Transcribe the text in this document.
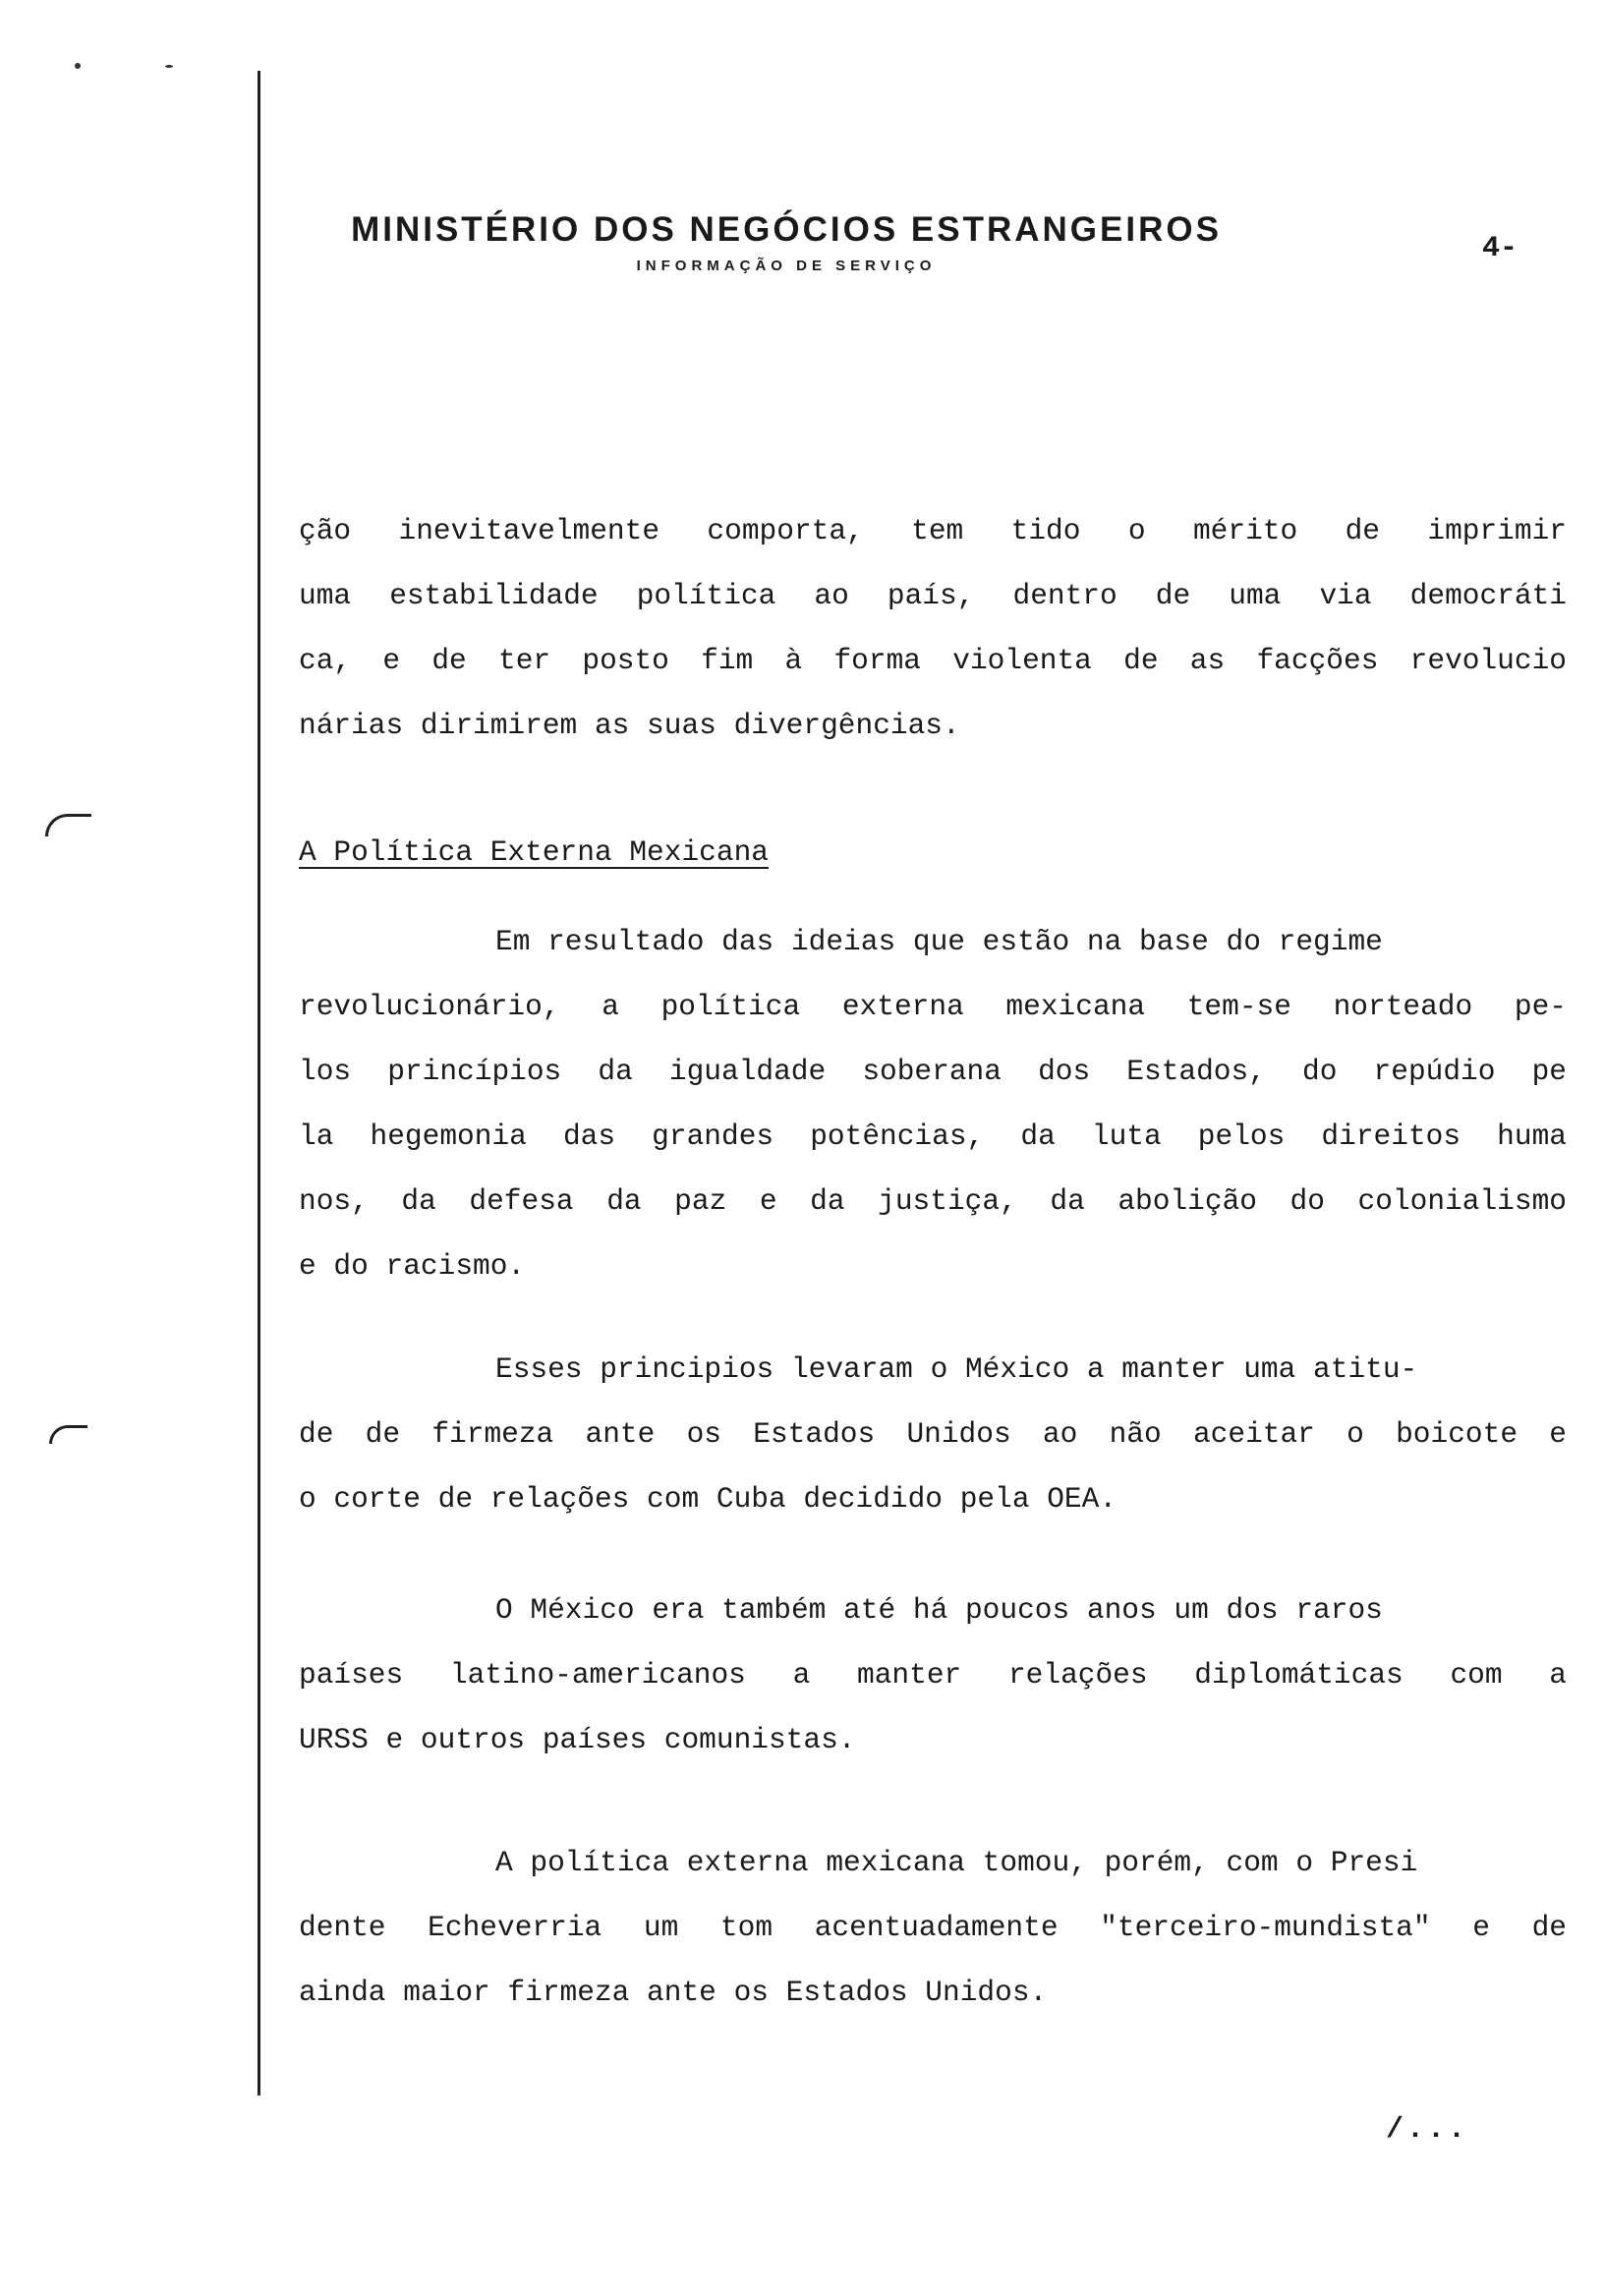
MINISTÉRIO DOS NEGÓCIOS ESTRANGEIROS
INFORMAÇÃO DE SERVIÇO
4-
ção inevitavelmente comporta, tem tido o mérito de imprimir
uma estabilidade política ao país, dentro de uma via democráti
ca, e de ter posto fim à forma violenta de as facções revolucio
nárias dirimirem as suas divergências.
A Política Externa Mexicana
Em resultado das ideias que estão na base do regime
revolucionário, a política externa mexicana tem-se norteado pe-
los princípios da igualdade soberana dos Estados, do repúdio pe
la hegemonia das grandes potências, da luta pelos direitos huma
nos, da defesa da paz e da justiça, da abolição do colonialismo
e do racismo.
Esses principios levaram o México a manter uma atitu-
de de firmeza ante os Estados Unidos ao não aceitar o boicote e
o corte de relações com Cuba decidido pela OEA.
O México era também até há poucos anos um dos raros
países latino-americanos a manter relações diplomáticas com a
URSS e outros países comunistas.
A política externa mexicana tomou, porém, com o Presi
dente Echeverria um tom acentuadamente "terceiro-mundista" e de
ainda maior firmeza ante os Estados Unidos.
/...
